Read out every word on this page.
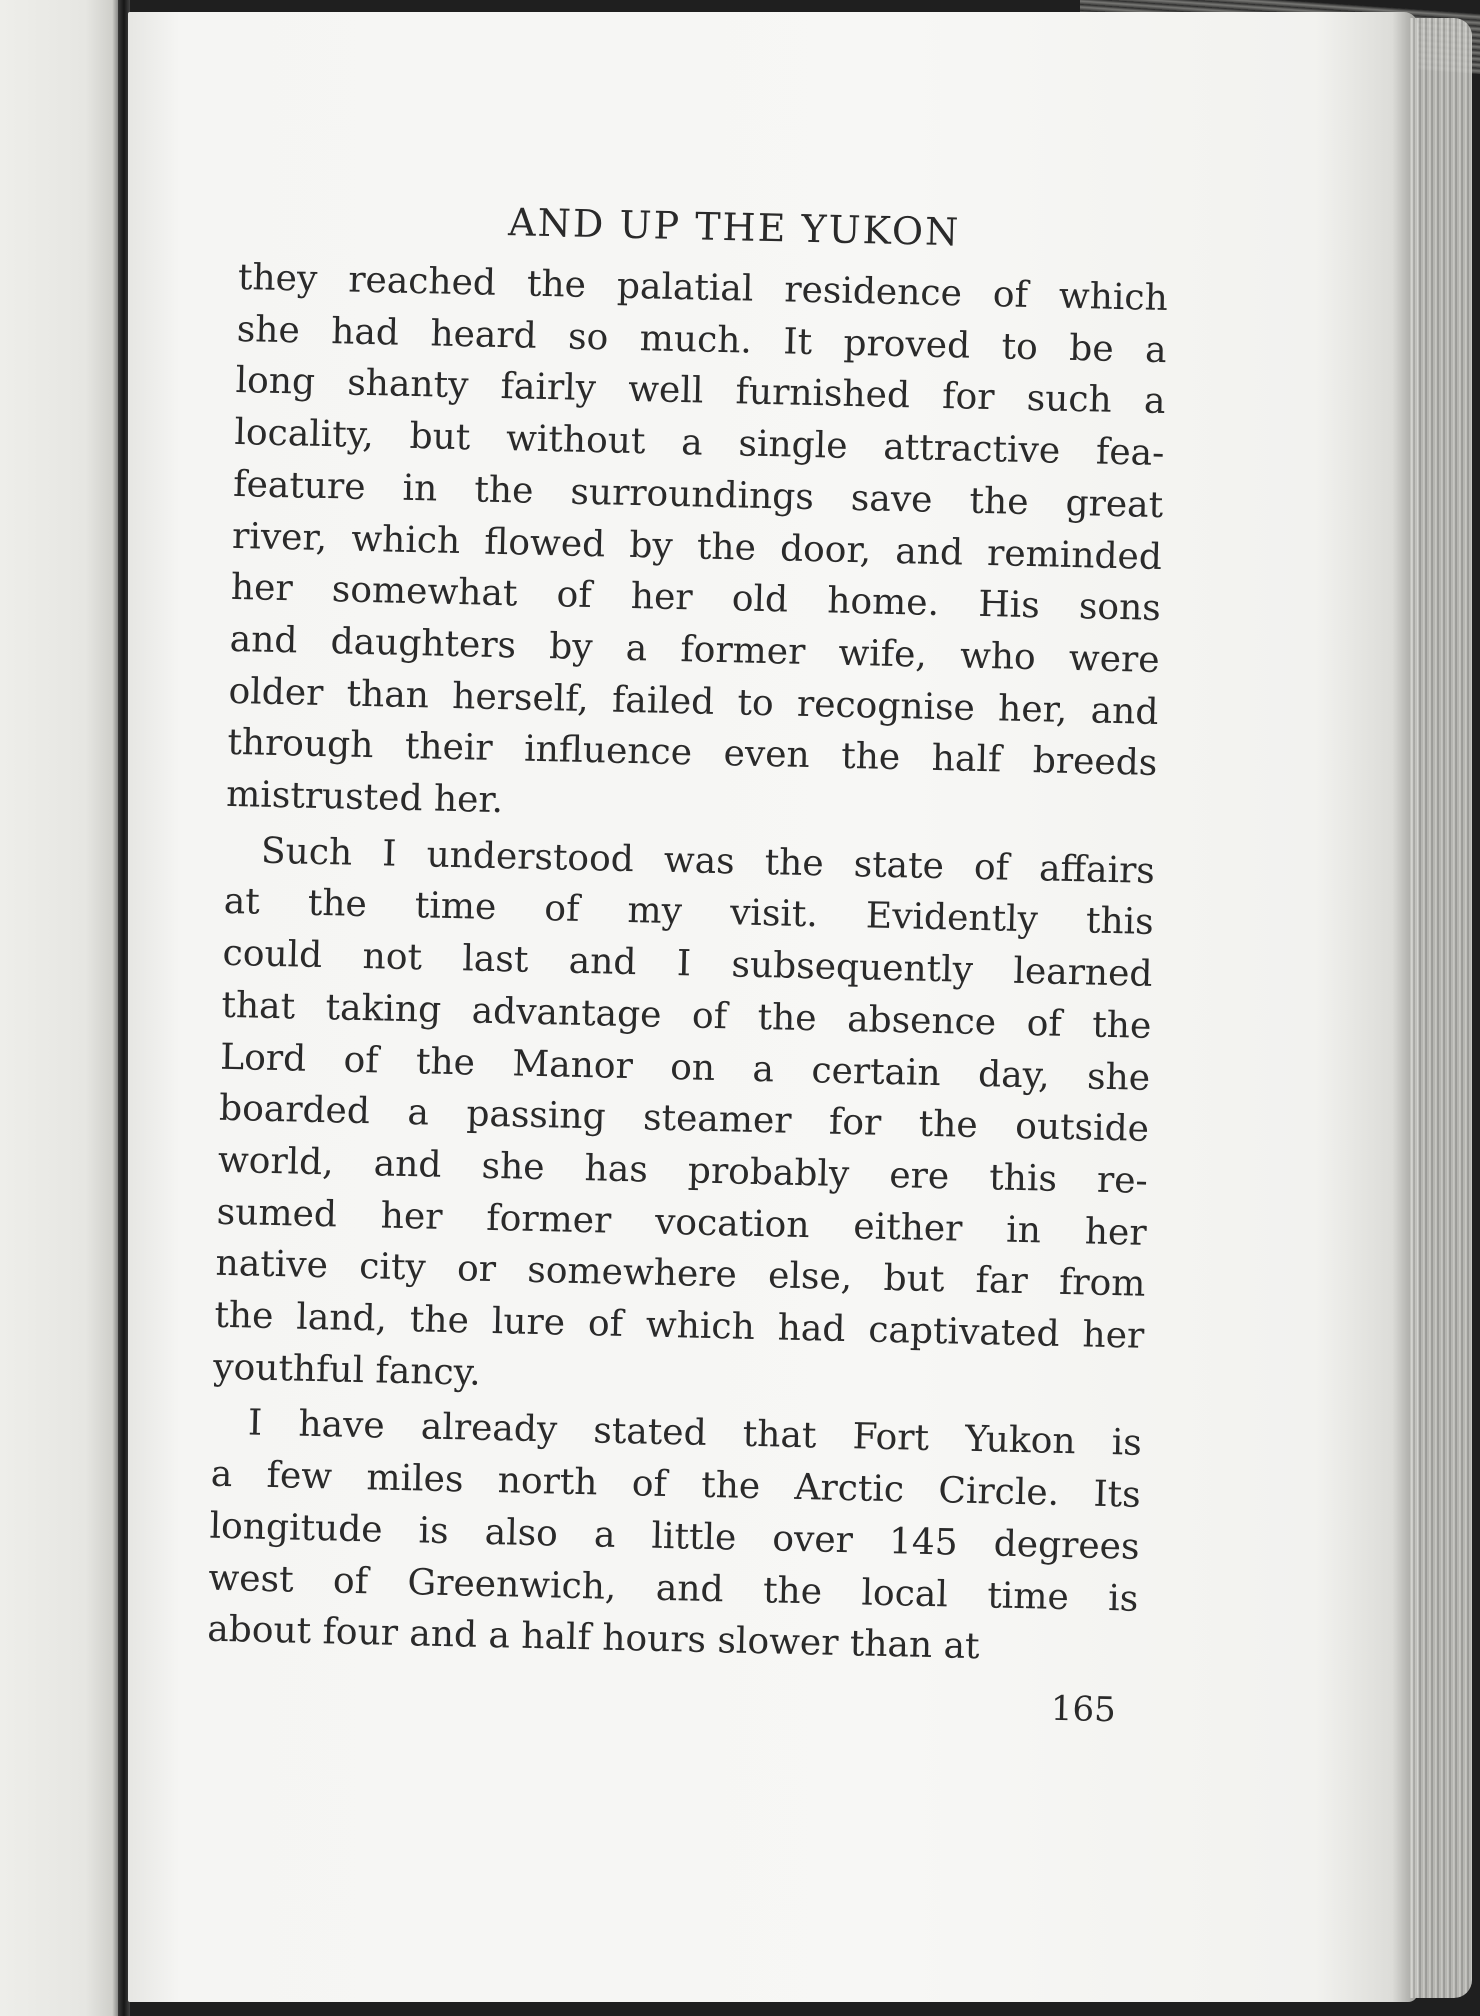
AND UP THE YUKON

they reached the palatial residence of which
she had heard so much. It proved to be a
long shanty fairly well furnished for such a
locality, but without a single attractive fea-
feature in the surroundings save the great
river, which flowed by the door, and reminded
her somewhat of her old home. His sons
and daughters by a former wife, who were
older than herself, failed to recognise her, and
through their influence even the half breeds
mistrusted her.

Such I understood was the state of affairs
at the time of my visit. Evidently this
could not last and I subsequently learned
that taking advantage of the absence of the
Lord of the Manor on a certain day, she
boarded a passing steamer for the outside
world, and she has probably ere this re-
sumed her former vocation either in her
native city or somewhere else, but far from
the land, the lure of which had captivated her
youthful fancy.

I have already stated that Fort Yukon is
a few miles north of the Arctic Circle. Its
longitude is also a little over 145 degrees
west of Greenwich, and the local time is
about four and a half hours slower than at

165
